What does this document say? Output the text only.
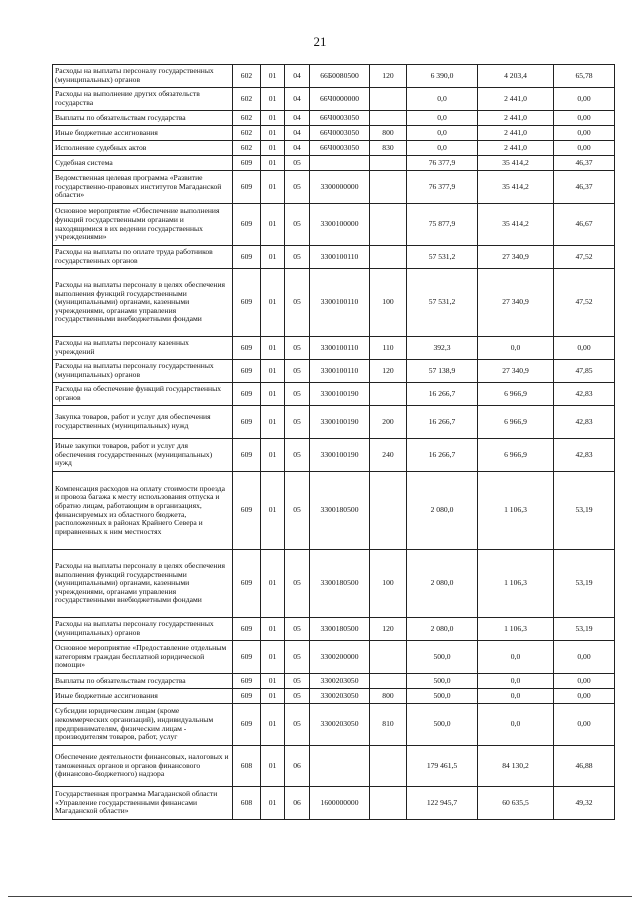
21
Расходы на выплаты персоналу государственных (муниципальных) органов	602	01	04	66Б0080500	120	6 390,0	4 203,4	65,78
Расходы на выполнение других обязательств государства	602	01	04	66Ч0000000		0,0	2 441,0	0,00
Выплаты по обязательствам государства	602	01	04	66Ч0003050		0,0	2 441,0	0,00
Иные бюджетные ассигнования	602	01	04	66Ч0003050	800	0,0	2 441,0	0,00
Исполнение судебных актов	602	01	04	66Ч0003050	830	0,0	2 441,0	0,00
Судебная система	609	01	05			76 377,9	35 414,2	46,37
Ведомственная целевая программа «Развитие государственно-правовых институтов Магаданской области»	609	01	05	3300000000		76 377,9	35 414,2	46,37
Основное мероприятие «Обеспечение выполнения функций государственными органами и находящимися в их ведении государственных учреждениями»	609	01	05	3300100000		75 877,9	35 414,2	46,67
Расходы на выплаты по оплате труда работников государственных органов	609	01	05	3300100110		57 531,2	27 340,9	47,52
Расходы на выплаты персоналу в целях обеспечения выполнения функций государственными (муниципальными) органами, казенными учреждениями, органами управления государственными внебюджетными фондами	609	01	05	3300100110	100	57 531,2	27 340,9	47,52
Расходы на выплаты персоналу казенных учреждений	609	01	05	3300100110	110	392,3	0,0	0,00
Расходы на выплаты персоналу государственных (муниципальных) органов	609	01	05	3300100110	120	57 138,9	27 340,9	47,85
Расходы на обеспечение функций государственных органов	609	01	05	3300100190		16 266,7	6 966,9	42,83
Закупка товаров, работ и услуг для обеспечения государственных (муниципальных) нужд	609	01	05	3300100190	200	16 266,7	6 966,9	42,83
Иные закупки товаров, работ и услуг для обеспечения государственных (муниципальных) нужд	609	01	05	3300100190	240	16 266,7	6 966,9	42,83
Компенсация расходов на оплату стоимости проезда и провоза багажа к месту использования отпуска и обратно лицам, работающим в организациях, финансируемых из областного бюджета, расположенных в районах Крайнего Севера и приравненных к ним местностях	609	01	05	3300180500		2 080,0	1 106,3	53,19
Расходы на выплаты персоналу в целях обеспечения выполнения функций государственными (муниципальными) органами, казенными учреждениями, органами управления государственными внебюджетными фондами	609	01	05	3300180500	100	2 080,0	1 106,3	53,19
Расходы на выплаты персоналу государственных (муниципальных) органов	609	01	05	3300180500	120	2 080,0	1 106,3	53,19
Основное мероприятие «Предоставление отдельным категориям граждан бесплатной юридической помощи»	609	01	05	3300200000		500,0	0,0	0,00
Выплаты по обязательствам государства	609	01	05	3300203050		500,0	0,0	0,00
Иные бюджетные ассигнования	609	01	05	3300203050	800	500,0	0,0	0,00
Субсидии юридическим лицам (кроме некоммерческих организаций), индивидуальным предпринимателям, физическим лицам - производителям товаров, работ, услуг	609	01	05	3300203050	810	500,0	0,0	0,00
Обеспечение деятельности финансовых, налоговых и таможенных органов и органов финансового (финансово-бюджетного) надзора	608	01	06			179 461,5	84 130,2	46,88
Государственная программа Магаданской области «Управление государственными финансами Магаданской области»	608	01	06	1600000000		122 945,7	60 635,5	49,32
